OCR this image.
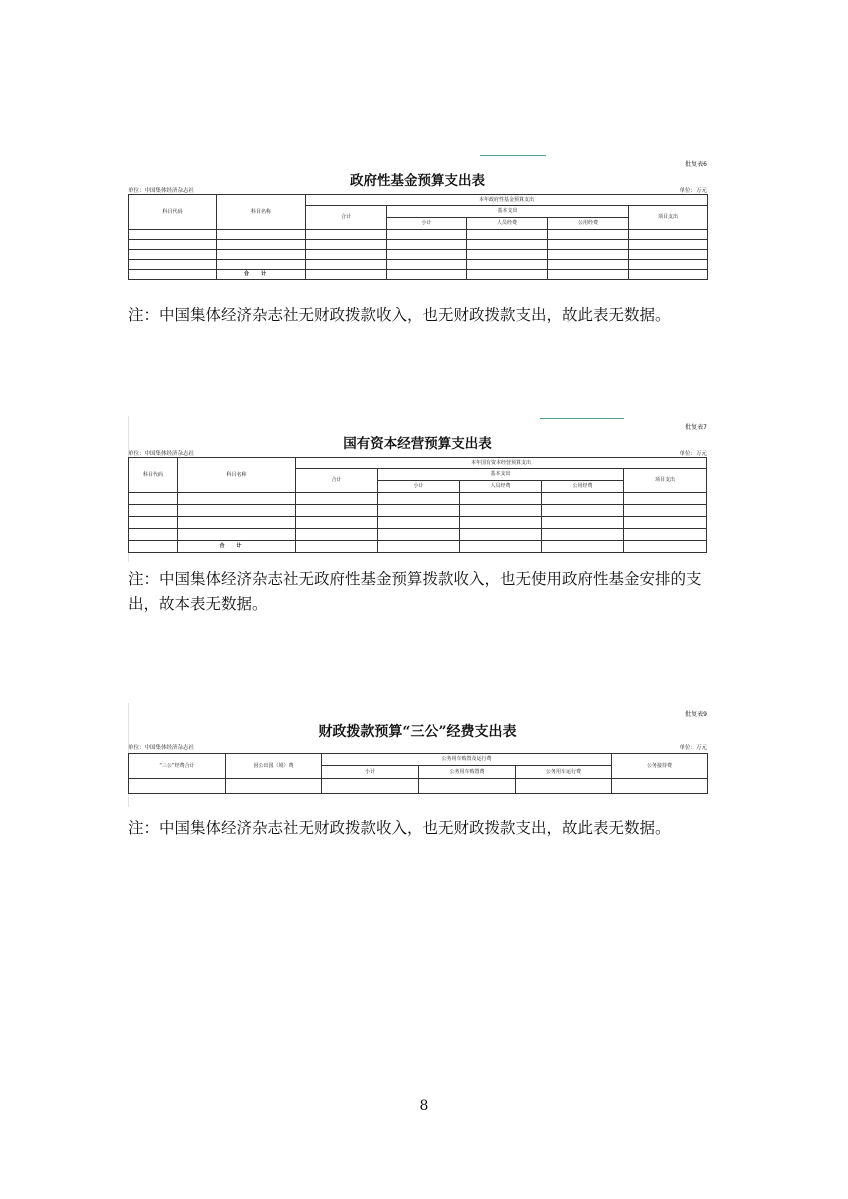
批复表6
政府性基金预算支出表
单位：中国集体经济杂志社	单位：万元
科目代码	科目名称	本年政府性基金预算支出				
		合计	基本支出			项目支出
			小计	人员经费	公用经费	

	合计					
注：中国集体经济杂志社无财政拨款收入，也无财政拨款支出，故此表无数据。
批复表7
国有资本经营预算支出表
单位：中国集体经济杂志社	单位：万元
科目代码	科目名称	本年国有资本经营预算支出				
		合计	基本支出			项目支出
			小计	人员经费	公用经费	

	合计					
注：中国集体经济杂志社无政府性基金预算拨款收入，也无使用政府性基金安排的支出，故本表无数据。
批复表9
财政拨款预算“三公”经费支出表
单位：中国集体经济杂志社	单位：万元
“三公”经费合计	因公出国（境）费	公务用车购置及运行费			公务接待费
		小计	公务用车购置费	公务用车运行费	

注：中国集体经济杂志社无财政拨款收入，也无财政拨款支出，故此表无数据。
8
